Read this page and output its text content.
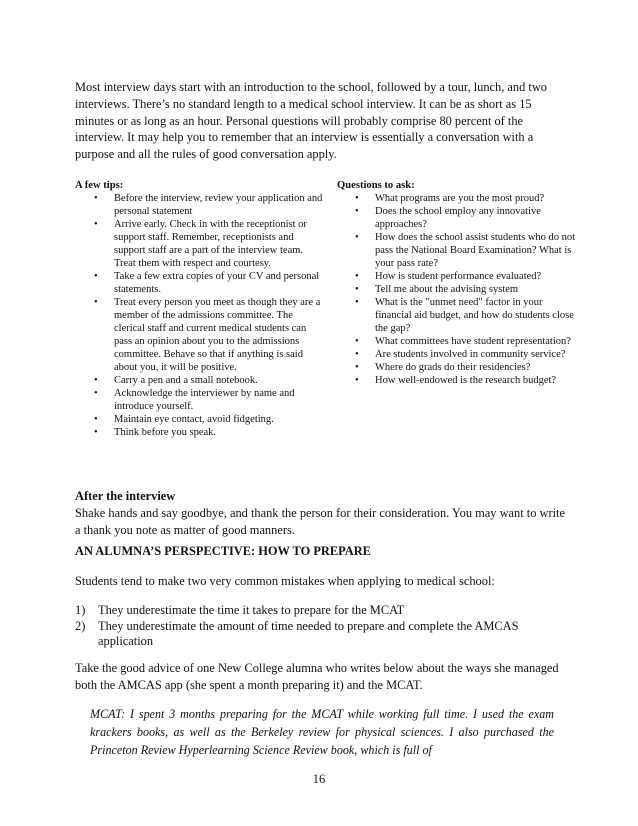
Most interview days start with an introduction to the school, followed by a tour, lunch, and two interviews. There’s no standard length to a medical school interview. It can be as short as 15 minutes or as long as an hour. Personal questions will probably comprise 80 percent of the interview. It may help you to remember that an interview is essentially a conversation with a purpose and all the rules of good conversation apply.

A few tips:

• Before the interview, review your application and personal statement
• Arrive early. Check in with the receptionist or support staff. Remember, receptionists and support staff are a part of the interview team. Treat them with respect and courtesy.
• Take a few extra copies of your CV and personal statements.
• Treat every person you meet as though they are a member of the admissions committee. The clerical staff and current medical students can pass an opinion about you to the admissions committee. Behave so that if anything is said about you, it will be positive.
• Carry a pen and a small notebook.
• Acknowledge the interviewer by name and introduce yourself.
• Maintain eye contact, avoid fidgeting.
• Think before you speak.

Questions to ask:

• What programs are you the most proud?
• Does the school employ any innovative approaches?
• How does the school assist students who do not pass the National Board Examination? What is your pass rate?
• How is student performance evaluated?
• Tell me about the advising system
• What is the "unmet need" factor in your financial aid budget, and how do students close the gap?
• What committees have student representation?
• Are students involved in community service?
• Where do grads do their residencies?
• How well-endowed is the research budget?
After the interview

Shake hands and say goodbye, and thank the person for their consideration. You may want to write a thank you note as matter of good manners.

AN ALUMNA’S PERSPECTIVE: HOW TO PREPARE

Students tend to make two very common mistakes when applying to medical school:

1) They underestimate the time it takes to prepare for the MCAT
2) They underestimate the amount of time needed to prepare and complete the AMCAS application

Take the good advice of one New College alumna who writes below about the ways she managed both the AMCAS app (she spent a month preparing it) and the MCAT.

MCAT: I spent 3 months preparing for the MCAT while working full time. I used the exam krackers books, as well as the Berkeley review for physical sciences. I also purchased the Princeton Review Hyperlearning Science Review book, which is full of

16
